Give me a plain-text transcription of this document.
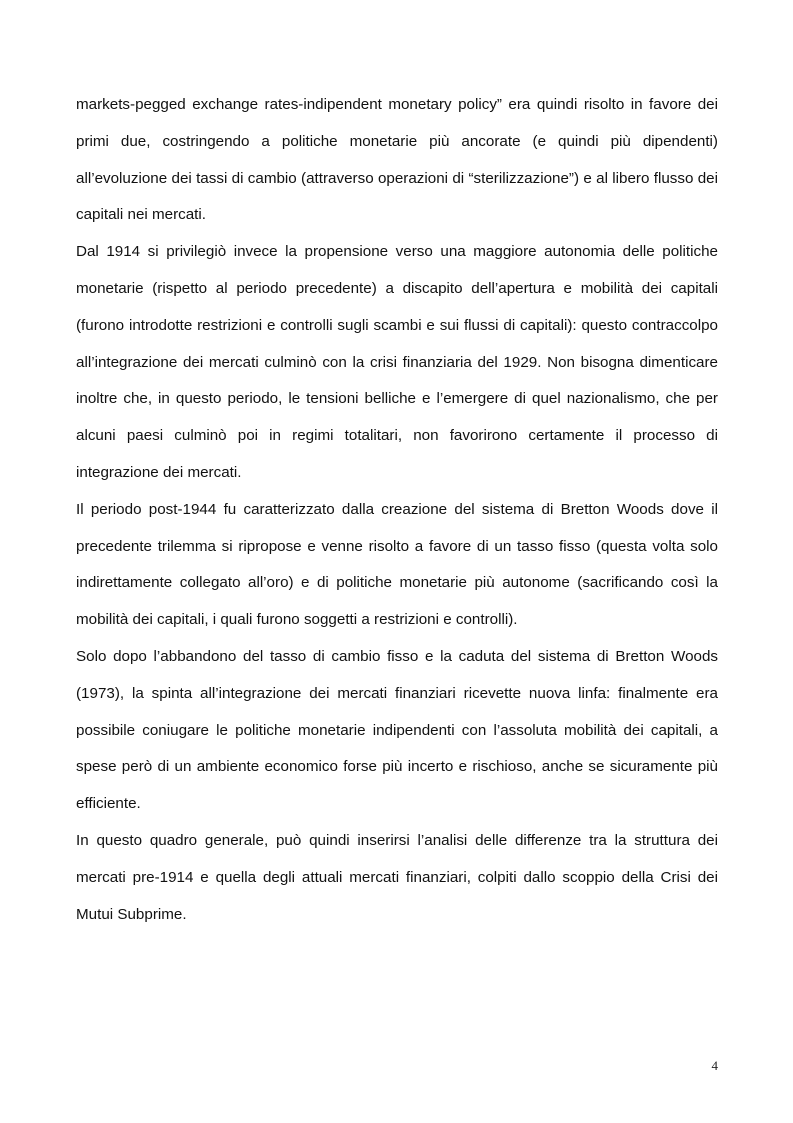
markets-pegged exchange rates-indipendent monetary policy” era quindi risolto in favore dei primi due, costringendo a politiche monetarie più ancorate (e quindi più dipendenti) all’evoluzione dei tassi di cambio (attraverso operazioni di “sterilizzazione”) e al libero flusso dei capitali nei mercati.

Dal 1914 si privilegiò invece la propensione verso una maggiore autonomia delle politiche monetarie (rispetto al periodo precedente) a discapito dell’apertura e mobilità dei capitali (furono introdotte restrizioni e controlli sugli scambi e sui flussi di capitali): questo contraccolpo all’integrazione dei mercati culminò con la crisi finanziaria del 1929. Non bisogna dimenticare inoltre che, in questo periodo, le tensioni belliche e l’emergere di quel nazionalismo, che per alcuni paesi culminò poi in regimi totalitari, non favorirono certamente il processo di integrazione dei mercati.

Il periodo post-1944 fu caratterizzato dalla creazione del sistema di Bretton Woods dove il precedente trilemma si ripropose e venne risolto a favore di un tasso fisso (questa volta solo indirettamente collegato all’oro) e di politiche monetarie più autonome (sacrificando così la mobilità dei capitali, i quali furono soggetti a restrizioni e controlli).

Solo dopo l’abbandono del tasso di cambio fisso e la caduta del sistema di Bretton Woods (1973), la spinta all’integrazione dei mercati finanziari ricevette nuova linfa: finalmente era possibile coniugare le politiche monetarie indipendenti con l’assoluta mobilità dei capitali, a spese però di un ambiente economico forse più incerto e rischioso, anche se sicuramente più efficiente.

In questo quadro generale, può quindi inserirsi l’analisi delle differenze tra la struttura dei mercati pre-1914 e quella degli attuali mercati finanziari, colpiti dallo scoppio della Crisi dei Mutui Subprime.

4
